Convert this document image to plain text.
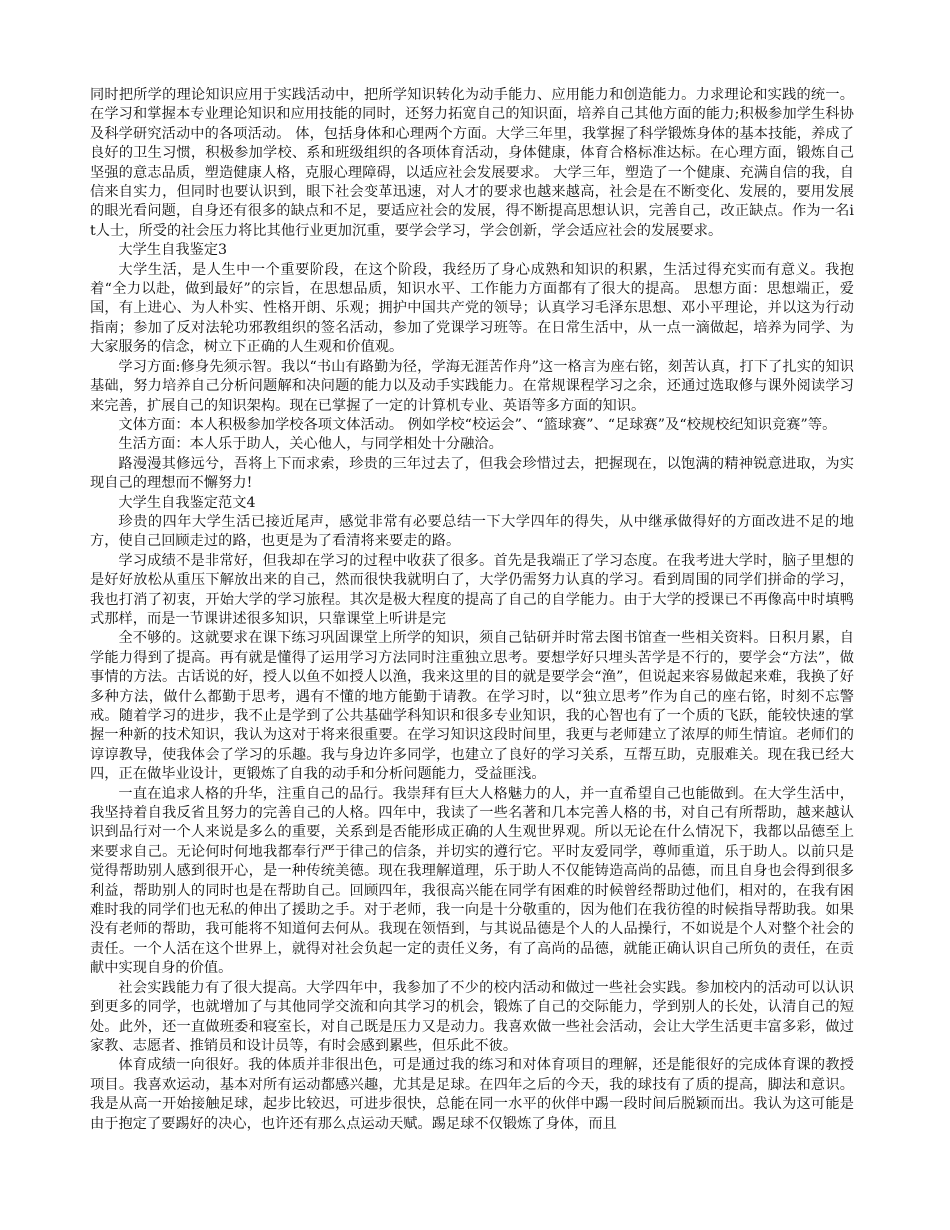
同时把所学的理论知识应用于实践活动中，把所学知识转化为动手能力、应用能力和创造能力。力求理论和实践的统一。在学习和掌握本专业理论知识和应用技能的同时，还努力拓宽自己的知识面，培养自己其他方面的能力;积极参加学生科协及科学研究活动中的各项活动。 体，包括身体和心理两个方面。大学三年里，我掌握了科学锻炼身体的基本技能，养成了良好的卫生习惯，积极参加学校、系和班级组织的各项体育活动，身体健康，体育合格标准达标。在心理方面，锻炼自己坚强的意志品质，塑造健康人格，克服心理障碍，以适应社会发展要求。 大学三年，塑造了一个健康、充满自信的我，自信来自实力，但同时也要认识到，眼下社会变革迅速，对人才的要求也越来越高，社会是在不断变化、发展的，要用发展的眼光看问题，自身还有很多的缺点和不足，要适应社会的发展，得不断提高思想认识，完善自己，改正缺点。作为一名it人士，所受的社会压力将比其他行业更加沉重，要学会学习，学会创新，学会适应社会的发展要求。

大学生自我鉴定3

大学生活，是人生中一个重要阶段，在这个阶段，我经历了身心成熟和知识的积累，生活过得充实而有意义。我抱着“全力以赴，做到最好”的宗旨，在思想品质，知识水平、工作能力方面都有了很大的提高。 思想方面：思想端正，爱国，有上进心、为人朴实、性格开朗、乐观；拥护中国共产党的领导；认真学习毛泽东思想、邓小平理论，并以这为行动指南；参加了反对法轮功邪教组织的签名活动，参加了党课学习班等。在日常生活中，从一点一滴做起，培养为同学、为大家服务的信念，树立下正确的人生观和价值观。

学习方面:修身先须示智。我以“书山有路勤为径，学海无涯苦作舟”这一格言为座右铭，刻苦认真，打下了扎实的知识基础，努力培养自己分析问题解和决问题的能力以及动手实践能力。在常规课程学习之余，还通过选取修与课外阅读学习来完善，扩展自己的知识架构。现在已掌握了一定的计算机专业、英语等多方面的知识。

文体方面：本人积极参加学校各项文体活动。 例如学校“校运会”、“篮球赛”、“足球赛”及“校规校纪知识竞赛”等。

生活方面：本人乐于助人，关心他人，与同学相处十分融洽。

路漫漫其修远兮，吾将上下而求索，珍贵的三年过去了，但我会珍惜过去，把握现在，以饱满的精神锐意进取，为实现自己的理想而不懈努力!

大学生自我鉴定范文4

珍贵的四年大学生活已接近尾声，感觉非常有必要总结一下大学四年的得失，从中继承做得好的方面改进不足的地方，使自己回顾走过的路，也更是为了看清将来要走的路。

学习成绩不是非常好，但我却在学习的过程中收获了很多。首先是我端正了学习态度。在我考进大学时，脑子里想的是好好放松从重压下解放出来的自己，然而很快我就明白了，大学仍需努力认真的学习。看到周围的同学们拼命的学习，我也打消了初衷，开始大学的学习旅程。其次是极大程度的提高了自己的自学能力。由于大学的授课已不再像高中时填鸭式那样，而是一节课讲述很多知识，只靠课堂上听讲是完

全不够的。这就要求在课下练习巩固课堂上所学的知识，须自己钻研并时常去图书馆查一些相关资料。日积月累，自学能力得到了提高。再有就是懂得了运用学习方法同时注重独立思考。要想学好只埋头苦学是不行的，要学会“方法”，做事情的方法。古话说的好，授人以鱼不如授人以渔，我来这里的目的就是要学会“渔”，但说起来容易做起来难，我换了好多种方法，做什么都勤于思考，遇有不懂的地方能勤于请教。在学习时，以“独立思考”作为自己的座右铭，时刻不忘警戒。随着学习的进步，我不止是学到了公共基础学科知识和很多专业知识，我的心智也有了一个质的飞跃，能较快速的掌握一种新的技术知识，我认为这对于将来很重要。在学习知识这段时间里，我更与老师建立了浓厚的师生情谊。老师们的谆谆教导，使我体会了学习的乐趣。我与身边许多同学，也建立了良好的学习关系，互帮互助，克服难关。现在我已经大四，正在做毕业设计，更锻炼了自我的动手和分析问题能力，受益匪浅。

一直在追求人格的升华，注重自己的品行。我崇拜有巨大人格魅力的人，并一直希望自己也能做到。在大学生活中，我坚持着自我反省且努力的完善自己的人格。四年中，我读了一些名著和几本完善人格的书，对自己有所帮助，越来越认识到品行对一个人来说是多么的重要，关系到是否能形成正确的人生观世界观。所以无论在什么情况下，我都以品德至上来要求自己。无论何时何地我都奉行严于律己的信条，并切实的遵行它。平时友爱同学，尊师重道，乐于助人。以前只是觉得帮助别人感到很开心，是一种传统美德。现在我理解道理，乐于助人不仅能铸造高尚的品德，而且自身也会得到很多利益，帮助别人的同时也是在帮助自己。回顾四年，我很高兴能在同学有困难的时候曾经帮助过他们，相对的，在我有困难时我的同学们也无私的伸出了援助之手。对于老师，我一向是十分敬重的，因为他们在我彷徨的时候指导帮助我。如果没有老师的帮助，我可能将不知道何去何从。我现在领悟到，与其说品德是个人的人品操行，不如说是个人对整个社会的责任。一个人活在这个世界上，就得对社会负起一定的责任义务，有了高尚的品德，就能正确认识自己所负的责任，在贡献中实现自身的价值。

社会实践能力有了很大提高。大学四年中，我参加了不少的校内活动和做过一些社会实践。参加校内的活动可以认识到更多的同学，也就增加了与其他同学交流和向其学习的机会，锻炼了自己的交际能力，学到别人的长处，认清自己的短处。此外，还一直做班委和寝室长，对自己既是压力又是动力。我喜欢做一些社会活动，会让大学生活更丰富多彩，做过家教、志愿者、推销员和设计员等，有时会感到累些，但乐此不彼。

体育成绩一向很好。我的体质并非很出色，可是通过我的练习和对体育项目的理解，还是能很好的完成体育课的教授项目。我喜欢运动，基本对所有运动都感兴趣，尤其是足球。在四年之后的今天，我的球技有了质的提高，脚法和意识。我是从高一开始接触足球，起步比较迟，可进步很快，总能在同一水平的伙伴中踢一段时间后脱颖而出。我认为这可能是由于抱定了要踢好的决心，也许还有那么点运动天赋。踢足球不仅锻炼了身体，而且
